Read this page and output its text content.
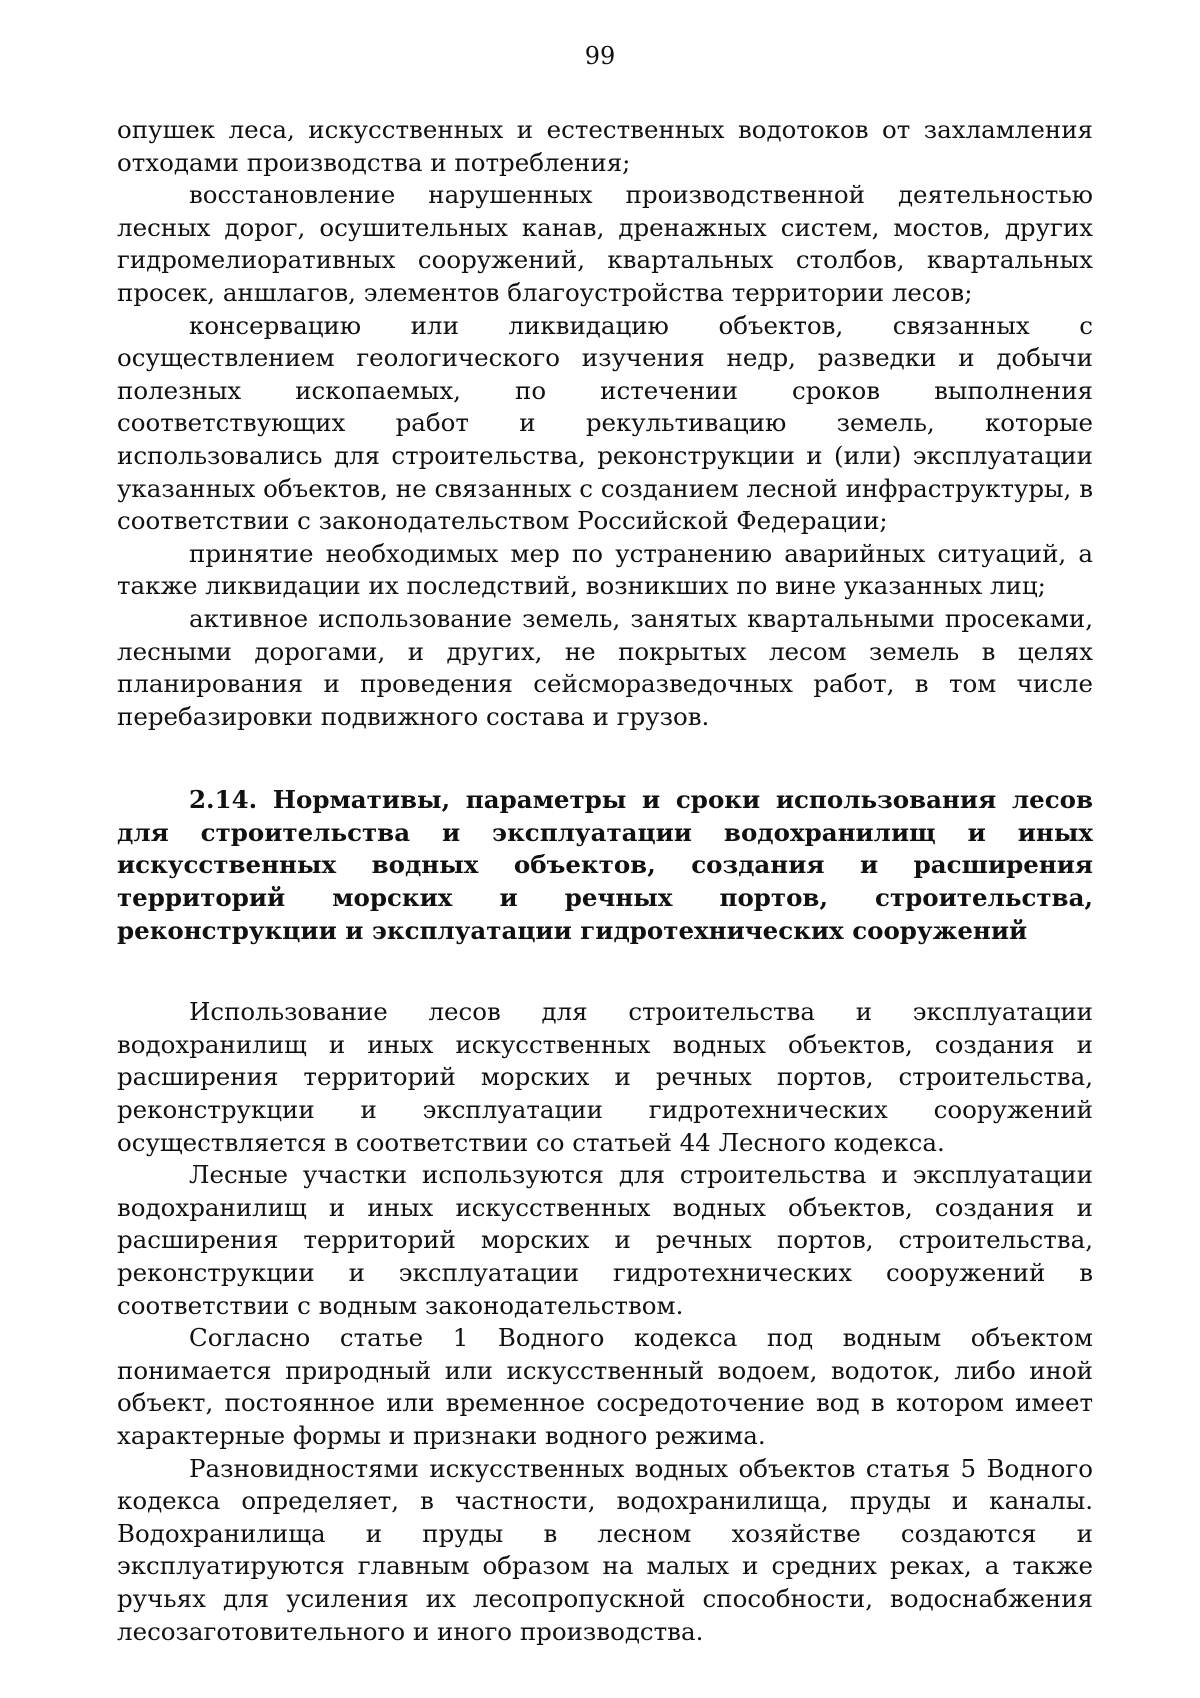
99

опушек леса, искусственных и естественных водотоков от захламления отходами производства и потребления;

восстановление нарушенных производственной деятельностью лесных дорог, осушительных канав, дренажных систем, мостов, других гидромелиоративных сооружений, квартальных столбов, квартальных просек, аншлагов, элементов благоустройства территории лесов;

консервацию или ликвидацию объектов, связанных с осуществлением геологического изучения недр, разведки и добычи полезных ископаемых, по истечении сроков выполнения соответствующих работ и рекультивацию земель, которые использовались для строительства, реконструкции и (или) эксплуатации указанных объектов, не связанных с созданием лесной инфраструктуры, в соответствии с законодательством Российской Федерации;

принятие необходимых мер по устранению аварийных ситуаций, а также ликвидации их последствий, возникших по вине указанных лиц;

активное использование земель, занятых квартальными просеками, лесными дорогами, и других, не покрытых лесом земель в целях планирования и проведения сейсморазведочных работ, в том числе перебазировки подвижного состава и грузов.

2.14. Нормативы, параметры и сроки использования лесов для строительства и эксплуатации водохранилищ и иных искусственных водных объектов, создания и расширения территорий морских и речных портов, строительства, реконструкции и эксплуатации гидротехнических сооружений

Использование лесов для строительства и эксплуатации водохранилищ и иных искусственных водных объектов, создания и расширения территорий морских и речных портов, строительства, реконструкции и эксплуатации гидротехнических сооружений осуществляется в соответствии со статьей 44 Лесного кодекса.

Лесные участки используются для строительства и эксплуатации водохранилищ и иных искусственных водных объектов, создания и расширения территорий морских и речных портов, строительства, реконструкции и эксплуатации гидротехнических сооружений в соответствии с водным законодательством.

Согласно статье 1 Водного кодекса под водным объектом понимается природный или искусственный водоем, водоток, либо иной объект, постоянное или временное сосредоточение вод в котором имеет характерные формы и признаки водного режима.

Разновидностями искусственных водных объектов статья 5 Водного кодекса определяет, в частности, водохранилища, пруды и каналы. Водохранилища и пруды в лесном хозяйстве создаются и эксплуатируются главным образом на малых и средних реках, а также ручьях для усиления их лесопропускной способности, водоснабжения лесозаготовительного и иного производства.
